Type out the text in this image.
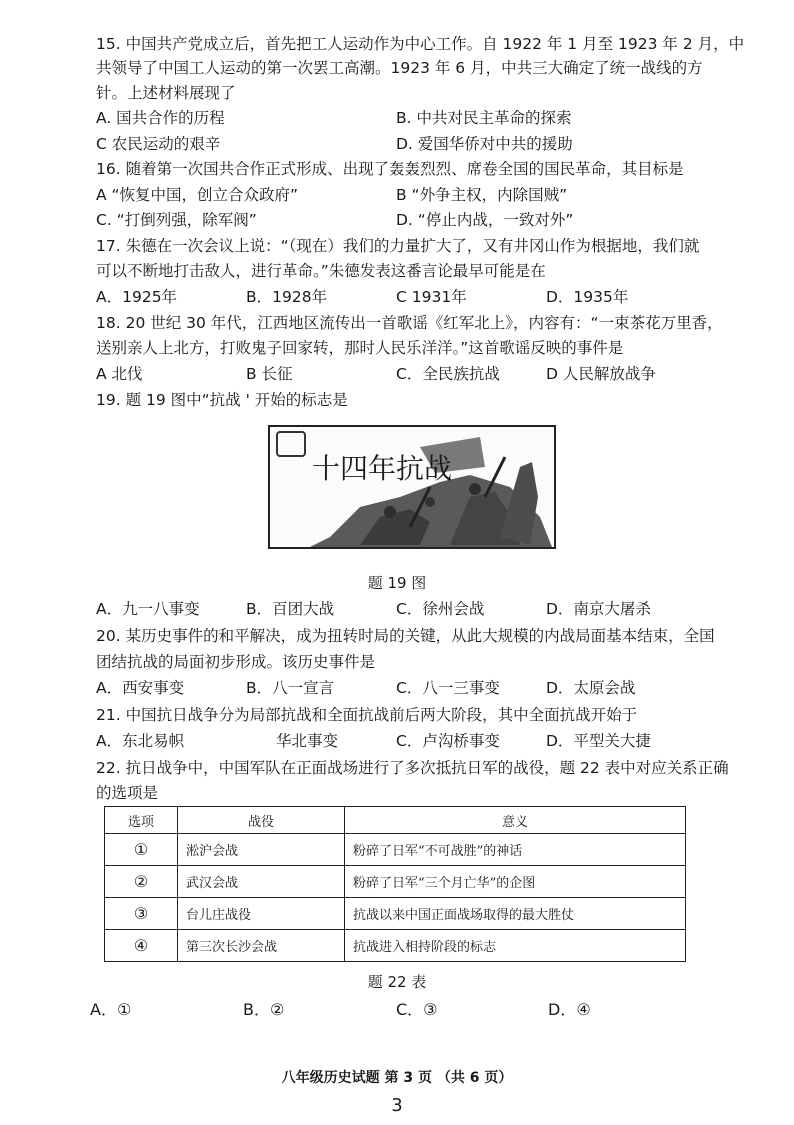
15. 中国共产党成立后，首先把工人运动作为中心工作。自 1922 年 1 月至 1923 年 2 月，中
共领导了中国工人运动的第一次罢工高潮。1923 年 6 月，中共三大确定了统一战线的方
针。上述材料展现了
A. 国共合作的历程	B. 中共对民主革命的探索
C 农民运动的艰辛	D. 爱国华侨对中共的援助
16. 随着第一次国共合作正式形成、出现了轰轰烈烈、席卷全国的国民革命，其目标是
A “恢复中国，创立合众政府”	B “外争主权，内除国贼”
C. “打倒列强，除军阀”	D. “停止内战，一致对外”
17. 朱德在一次会议上说：“（现在）我们的力量扩大了，又有井冈山作为根据地，我们就
可以不断地打击敌人，进行革命。”朱德发表这番言论最早可能是在
A．1925年	B．1928年	C 1931年	D．1935年
18. 20 世纪 30 年代，江西地区流传出一首歌谣《红军北上》，内容有：“一束茶花万里香，
送别亲人上北方，打败鬼子回家转，那时人民乐洋洋。”这首歌谣反映的事件是
A 北伐	B 长征	C．全民族抗战	D 人民解放战争
19. 题 19 图中“抗战 ' 开始的标志是
十四年抗战
题 19 图
A．九一八事变	B．百团大战	C．徐州会战	D．南京大屠杀
20. 某历史事件的和平解决，成为扭转时局的关键，从此大规模的内战局面基本结束，全国
团结抗战的局面初步形成。该历史事件是
A．西安事变	B．八一宣言	C．八一三事变	D．太原会战
21. 中国抗日战争分为局部抗战和全面抗战前后两大阶段，其中全面抗战开始于
A．东北易帜	华北事变	C．卢沟桥事变	D．平型关大捷
22. 抗日战争中，中国军队在正面战场进行了多次抵抗日军的战役，题 22 表中对应关系正确
的选项是
选项	战役	意义
①	淞沪会战	粉碎了日军“不可战胜”的神话
②	武汉会战	粉碎了日军“三个月亡华”的企图
③	台儿庄战役	抗战以来中国正面战场取得的最大胜仗
④	第三次长沙会战	抗战进入相持阶段的标志
题 22 表
A．①	B．②	C．③	D．④
八年级历史试题 第 3 页 （共 6 页）
3
